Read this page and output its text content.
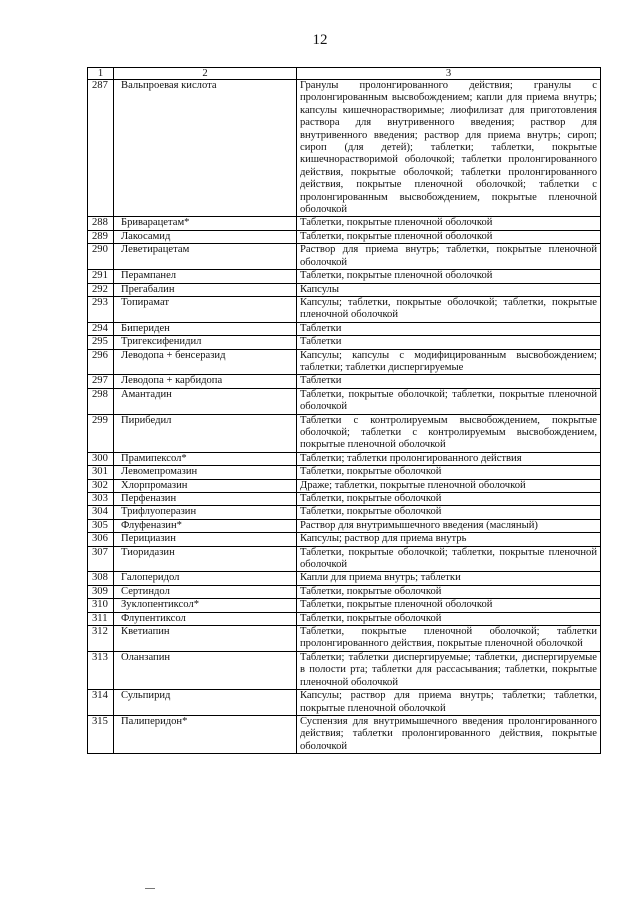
12
1	2	3
287	Вальпроевая кислота	Гранулы пролонгированного действия; гранулы с пролонгированным высвобождением; капли для приема внутрь; капсулы кишечнорастворимые; лиофилизат для приготовления раствора для внутривенного введения; раствор для внутривенного введения; раствор для приема внутрь; сироп; сироп (для детей); таблетки; таблетки, покрытые кишечнорастворимой оболочкой; таблетки пролонгированного действия, покрытые оболочкой; таблетки пролонгированного действия, покрытые пленочной оболочкой; таблетки с пролонгированным высвобождением, покрытые пленочной оболочкой
288	Бриварацетам*	Таблетки, покрытые пленочной оболочкой
289	Лакосамид	Таблетки, покрытые пленочной оболочкой
290	Леветирацетам	Раствор для приема внутрь; таблетки, покрытые пленочной оболочкой
291	Перампанел	Таблетки, покрытые пленочной оболочкой
292	Прегабалин	Капсулы
293	Топирамат	Капсулы; таблетки, покрытые оболочкой; таблетки, покрытые пленочной оболочкой
294	Бипериден	Таблетки
295	Тригексифенидил	Таблетки
296	Леводопа + бенсеразид	Капсулы; капсулы с модифицированным высвобождением; таблетки; таблетки диспергируемые
297	Леводопа + карбидопа	Таблетки
298	Амантадин	Таблетки, покрытые оболочкой; таблетки, покрытые пленочной оболочкой
299	Пирибедил	Таблетки с контролируемым высвобождением, покрытые оболочкой; таблетки с контролируемым высвобождением, покрытые пленочной оболочкой
300	Прамипексол*	Таблетки; таблетки пролонгированного действия
301	Левомепромазин	Таблетки, покрытые оболочкой
302	Хлорпромазин	Драже; таблетки, покрытые пленочной оболочкой
303	Перфеназин	Таблетки, покрытые оболочкой
304	Трифлуоперазин	Таблетки, покрытые оболочкой
305	Флуфеназин*	Раствор для внутримышечного введения (масляный)
306	Перициазин	Капсулы; раствор для приема внутрь
307	Тиоридазин	Таблетки, покрытые оболочкой; таблетки, покрытые пленочной оболочкой
308	Галоперидол	Капли для приема внутрь; таблетки
309	Сертиндол	Таблетки, покрытые оболочкой
310	Зуклопентиксол*	Таблетки, покрытые пленочной оболочкой
311	Флупентиксол	Таблетки, покрытые оболочкой
312	Кветиапин	Таблетки, покрытые пленочной оболочкой; таблетки пролонгированного действия, покрытые пленочной оболочкой
313	Оланзапин	Таблетки; таблетки диспергируемые; таблетки, диспергируемые в полости рта; таблетки для рассасывания; таблетки, покрытые пленочной оболочкой
314	Сульпирид	Капсулы; раствор для приема внутрь; таблетки; таблетки, покрытые пленочной оболочкой
315	Палиперидон*	Суспензия для внутримышечного введения пролонгированного действия; таблетки пролонгированного действия, покрытые оболочкой
